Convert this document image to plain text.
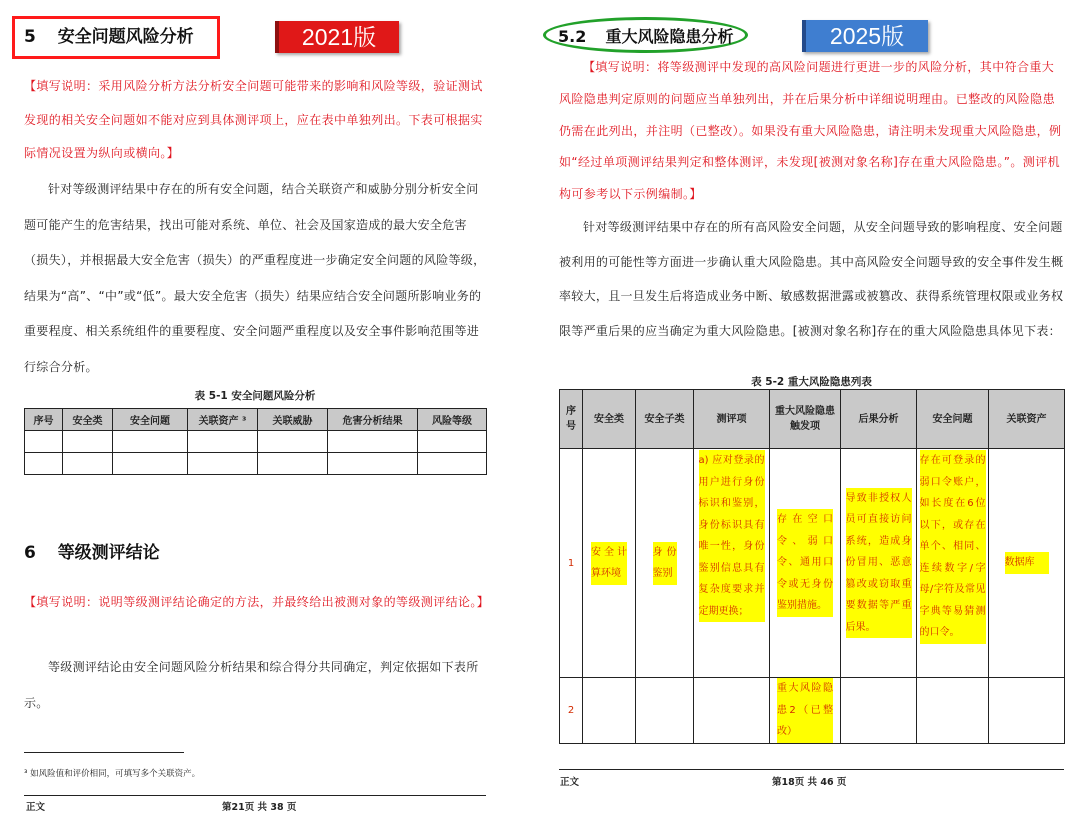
5 安全问题风险分析	2021版
【填写说明：采用风险分析方法分析安全问题可能带来的影响和风险等级，验证测试发现的相关安全问题如不能对应到具体测评项上，应在表中单独列出。下表可根据实际情况设置为纵向或横向。】
针对等级测评结果中存在的所有安全问题，结合关联资产和威胁分别分析安全问题可能产生的危害结果，找出可能对系统、单位、社会及国家造成的最大安全危害（损失），并根据最大安全危害（损失）的严重程度进一步确定安全问题的风险等级，结果为“高”、“中”或“低”。最大安全危害（损失）结果应结合安全问题所影响业务的重要程度、相关系统组件的重要程度、安全问题严重程度以及安全事件影响范围等进行综合分析。
表 5-1 安全问题风险分析
序号	安全类	安全问题	关联资产 ³	关联威胁	危害分析结果	风险等级

6 等级测评结论
【填写说明：说明等级测评结论确定的方法，并最终给出被测对象的等级测评结论。】
等级测评结论由安全问题风险分析结果和综合得分共同确定，判定依据如下表所示。
³ 如风险值和评价相同，可填写多个关联资产。
正文	第21页 共 38 页
5.2 重大风险隐患分析	2025版
【填写说明：将等级测评中发现的高风险问题进行更进一步的风险分析，其中符合重大风险隐患判定原则的问题应当单独列出，并在后果分析中详细说明理由。已整改的风险隐患仍需在此列出，并注明（已整改）。如果没有重大风险隐患，请注明未发现重大风险隐患，例如“经过单项测评结果判定和整体测评，未发现[被测对象名称]存在重大风险隐患。”。测评机构可参考以下示例编制。】
针对等级测评结果中存在的所有高风险安全问题，从安全问题导致的影响程度、安全问题被利用的可能性等方面进一步确认重大风险隐患。其中高风险安全问题导致的安全事件发生概率较大，且一旦发生后将造成业务中断、敏感数据泄露或被篡改、获得系统管理权限或业务权限等严重后果的应当确定为重大风险隐患。[被测对象名称]存在的重大风险隐患具体见下表：
表 5-2 重大风险隐患列表
序号	安全类	安全子类	测评项	重大风险隐患触发项	后果分析	安全问题	关联资产
1	安全计算环境	身份鉴别	a) 应对登录的用户进行身份标识和鉴别，身份标识具有唯一性，身份鉴别信息具有复杂度要求并定期更换；	存在空口令、弱口令、通用口令或无身份鉴别措施。	导致非授权人员可直接访问系统，造成身份冒用、恶意篡改或窃取重要数据等严重后果。	存在可登录的弱口令账户，如长度在6位以下，或存在单个、相同、连续数字/字母/字符及常见字典等易猜测的口令。	数据库
2				重大风险隐患2（已整改）			
正文	第18页 共 46 页
